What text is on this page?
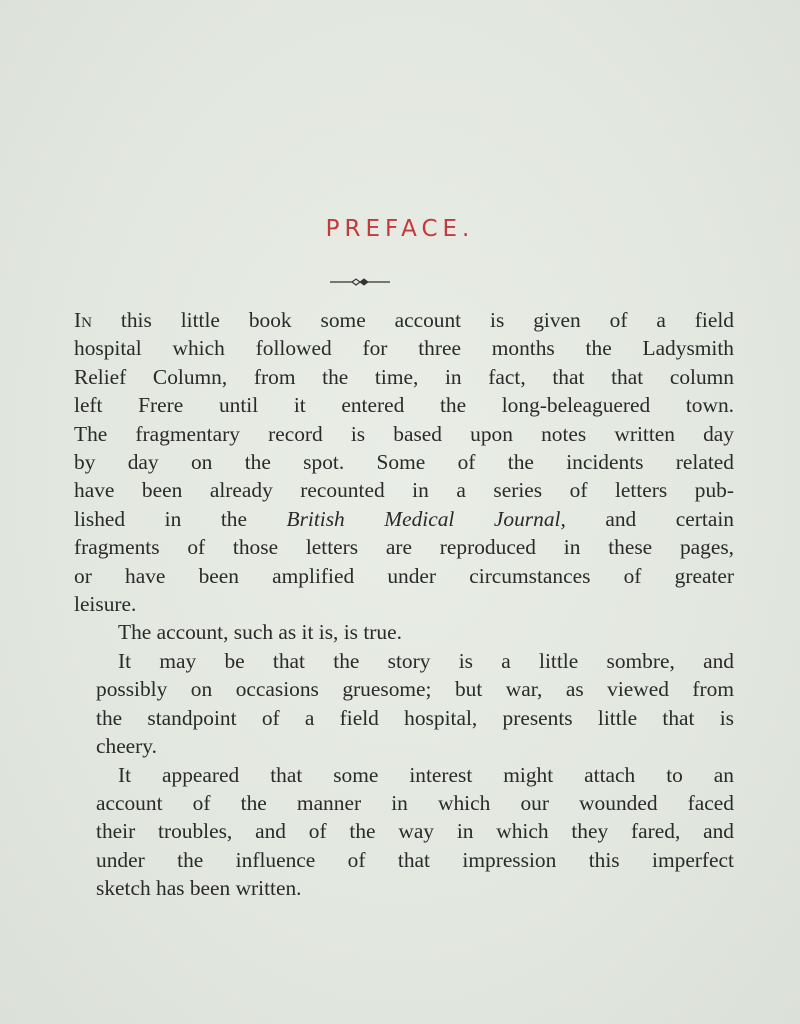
PREFACE.

In this little book some account is given of a field
hospital which followed for three months the Ladysmith
Relief Column, from the time, in fact, that that column
left Frere until it entered the long-beleaguered town.
The fragmentary record is based upon notes written day
by day on the spot. Some of the incidents related
have been already recounted in a series of letters pub-
lished in the British Medical Journal, and certain
fragments of those letters are reproduced in these pages,
or have been amplified under circumstances of greater
leisure.

The account, such as it is, is true.

It may be that the story is a little sombre, and
possibly on occasions gruesome; but war, as viewed from
the standpoint of a field hospital, presents little that is
cheery.

It appeared that some interest might attach to an
account of the manner in which our wounded faced
their troubles, and of the way in which they fared, and
under the influence of that impression this imperfect
sketch has been written.
